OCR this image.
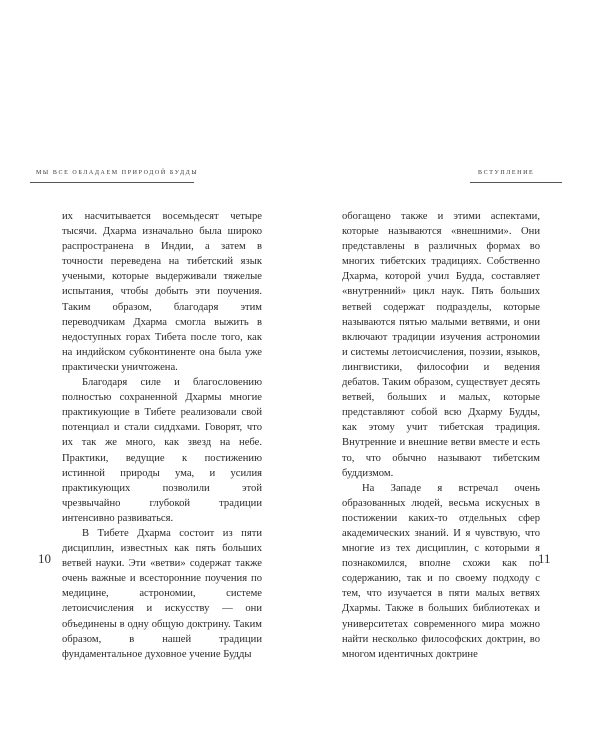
МЫ ВСЕ ОБЛАДАЕМ ПРИРОДОЙ БУДДЫ

их насчитывается восемьдесят четыре тысячи. Дхарма изначально была широко распространена в Индии, а затем в точности переведена на тибетский язык учеными, которые выдерживали тяжелые испытания, чтобы добыть эти поучения. Таким образом, благодаря этим переводчикам Дхарма смогла выжить в недоступных горах Тибета после того, как на индийском субконтиненте она была уже практически уничтожена.

Благодаря силе и благословению полностью сохраненной Дхармы многие практикующие в Тибете реализовали свой потенциал и стали сиддхами. Говорят, что их так же много, как звезд на небе. Практики, ведущие к постижению истинной природы ума, и усилия практикующих позволили этой чрезвычайно глубокой традиции интенсивно развиваться.

В Тибете Дхарма состоит из пяти дисциплин, известных как пять больших ветвей науки. Эти «ветви» содержат также очень важные и всесторонние поучения по медицине, астрономии, системе летоисчисления и искусству — они объединены в одну общую доктрину. Таким образом, в нашей традиции фундаментальное духовное учение Будды

10
ВСТУПЛЕНИЕ

обогащено также и этими аспектами, которые называются «внешними». Они представлены в различных формах во многих тибетских традициях. Собственно Дхарма, которой учил Будда, составляет «внутренний» цикл наук. Пять больших ветвей содержат подразделы, которые называются пятью малыми ветвями, и они включают традиции изучения астрономии и системы летоисчисления, поэзии, языков, лингвистики, философии и ведения дебатов. Таким образом, существует десять ветвей, больших и малых, которые представляют собой всю Дхарму Будды, как этому учит тибетская традиция. Внутренние и внешние ветви вместе и есть то, что обычно называют тибетским буддизмом.

На Западе я встречал очень образованных людей, весьма искусных в постижении каких-то отдельных сфер академических знаний. И я чувствую, что многие из тех дисциплин, с которыми я познакомился, вполне схожи как по содержанию, так и по своему подходу с тем, что изучается в пяти малых ветвях Дхармы. Также в больших библиотеках и университетах современного мира можно найти несколько философских доктрин, во многом идентичных доктрине

11
